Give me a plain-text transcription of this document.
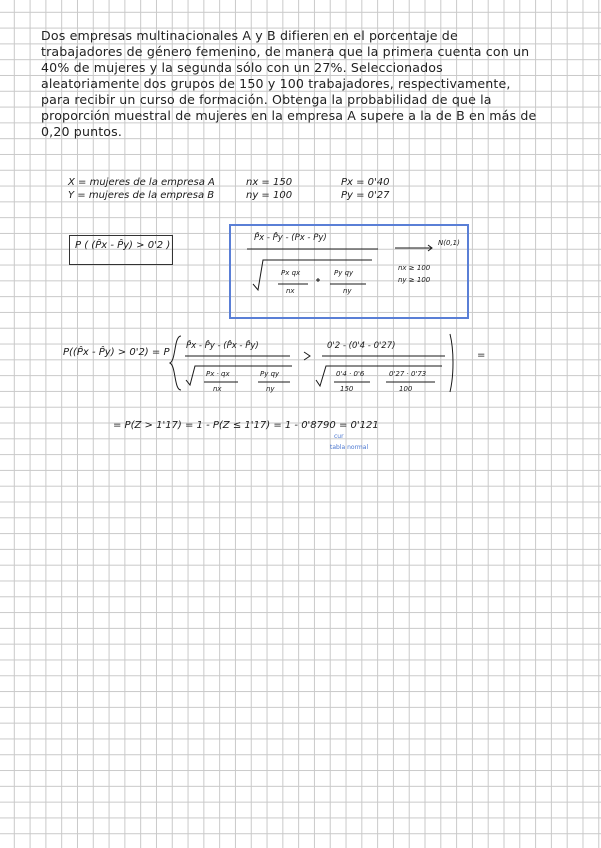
Dos empresas multinacionales A y B difieren en el porcentaje de
trabajadores de género femenino, de manera que la primera cuenta con un
40% de mujeres y la segunda sólo con un 27%. Seleccionados
aleatoriamente dos grupos de 150 y 100 trabajadores, respectivamente,
para recibir un curso de formación. Obtenga la probabilidad de que la
proporción muestral de mujeres en la empresa A supere a la de B en más de
0,20 puntos.
X = mujeres de la empresa A
Y = mujeres de la empresa B
nx = 150
ny = 100
Px = 0'40
Py = 0'27
P ( (P̂x - P̂y) > 0'2 )
P̂x - P̂y - (Px - Py)
Px qx
nx
Py qy
ny
N(0,1)
nx ≥ 100
ny ≥ 100
P((P̂x - P̂y) > 0'2) = P
P̂x - P̂y - (P̂x - P̂y)
Px · qx
nx
Py qy
ny
0'2 - (0'4 - 0'27)
0'4 · 0'6
150
0'27 · 0'73
100
=
= P(Z > 1'17) = 1 - P(Z ≤ 1'17) = 1 - 0'8790 = 0'121
tabla normal
cur
